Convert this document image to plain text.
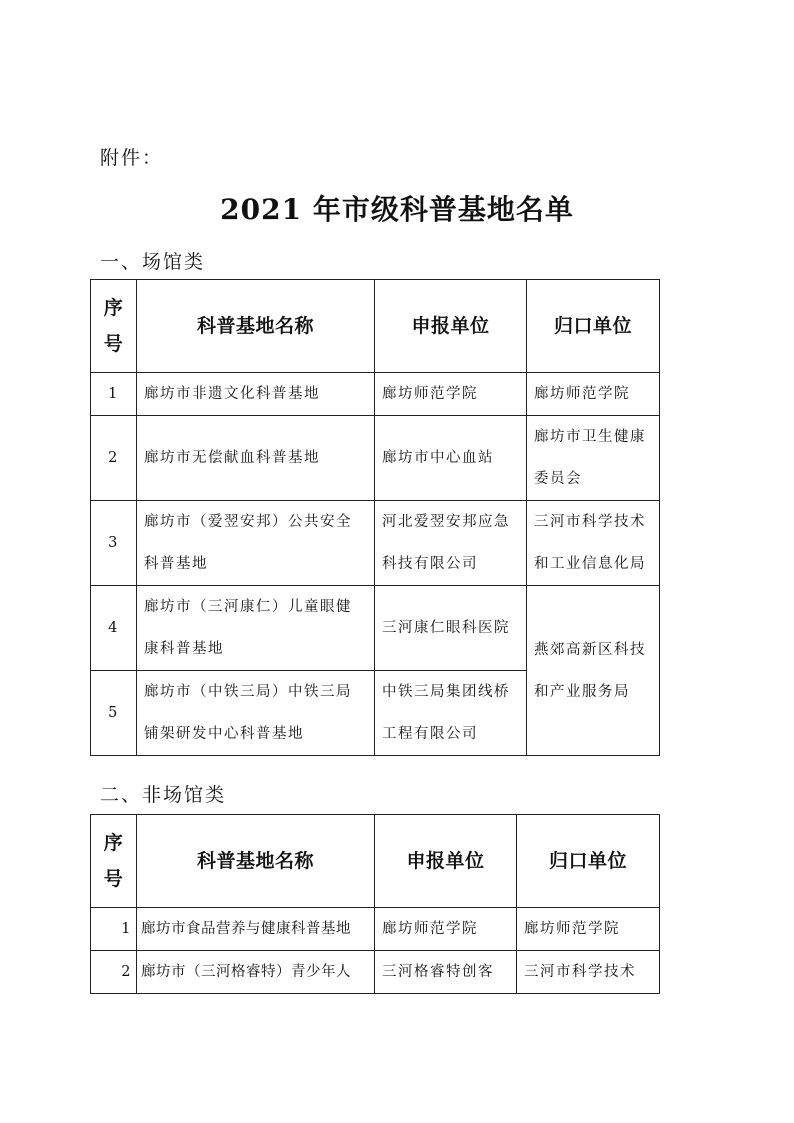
附件：
2021 年市级科普基地名单
一、场馆类
序
号	科普基地名称	申报单位	归口单位
1	廊坊市非遗文化科普基地	廊坊师范学院	廊坊师范学院
2	廊坊市无偿献血科普基地	廊坊市中心血站	廊坊市卫生健康委员会
3	廊坊市（爱翌安邦）公共安全科普基地	河北爱翌安邦应急科技有限公司	三河市科学技术和工业信息化局
4	廊坊市（三河康仁）儿童眼健康科普基地	三河康仁眼科医院	燕郊高新区科技和产业服务局
5	廊坊市（中铁三局）中铁三局铺架研发中心科普基地	中铁三局集团线桥工程有限公司	
二、非场馆类
序
号	科普基地名称	申报单位	归口单位
1	廊坊市食品营养与健康科普基地	廊坊师范学院	廊坊师范学院

2	廊坊市（三河格睿特）青少年人	三河格睿特创客	三河市科学技术
